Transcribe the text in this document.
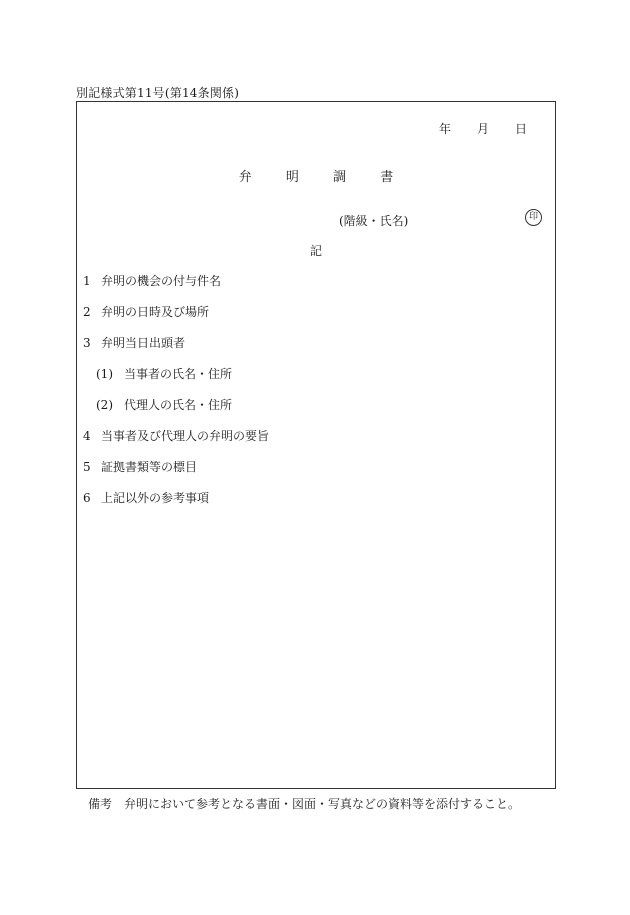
別記様式第11号(第14条関係)
年 月 日
弁	明	調	書
(階級・氏名)	印
記
1 弁明の機会の付与件名
2 弁明の日時及び場所
3 弁明当日出頭者
(1) 当事者の氏名・住所
(2) 代理人の氏名・住所
4 当事者及び代理人の弁明の要旨
5 証拠書類等の標目
6 上記以外の参考事項
備考 弁明において参考となる書面・図面・写真などの資料等を添付すること。
